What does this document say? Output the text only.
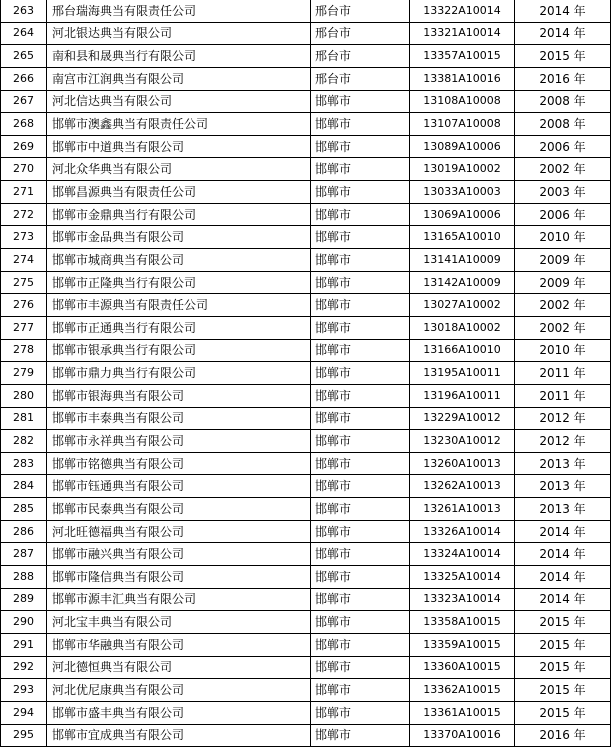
263	邢台瑞海典当有限责任公司	邢台市	13322A10014	2014 年
264	河北银达典当有限公司	邢台市	13321A10014	2014 年
265	南和县和晟典当行有限公司	邢台市	13357A10015	2015 年
266	南宫市江润典当有限公司	邢台市	13381A10016	2016 年
267	河北信达典当有限公司	邯郸市	13108A10008	2008 年
268	邯郸市澳鑫典当有限责任公司	邯郸市	13107A10008	2008 年
269	邯郸市中道典当有限公司	邯郸市	13089A10006	2006 年
270	河北众华典当有限公司	邯郸市	13019A10002	2002 年
271	邯郸昌源典当有限责任公司	邯郸市	13033A10003	2003 年
272	邯郸市金鼎典当行有限公司	邯郸市	13069A10006	2006 年
273	邯郸市金品典当有限公司	邯郸市	13165A10010	2010 年
274	邯郸市城商典当有限公司	邯郸市	13141A10009	2009 年
275	邯郸市正隆典当行有限公司	邯郸市	13142A10009	2009 年
276	邯郸市丰源典当有限责任公司	邯郸市	13027A10002	2002 年
277	邯郸市正通典当行有限公司	邯郸市	13018A10002	2002 年
278	邯郸市银承典当行有限公司	邯郸市	13166A10010	2010 年
279	邯郸市鼎力典当行有限公司	邯郸市	13195A10011	2011 年
280	邯郸市银海典当有限公司	邯郸市	13196A10011	2011 年
281	邯郸市丰泰典当有限公司	邯郸市	13229A10012	2012 年
282	邯郸市永祥典当有限公司	邯郸市	13230A10012	2012 年
283	邯郸市铭德典当有限公司	邯郸市	13260A10013	2013 年
284	邯郸市钰通典当有限公司	邯郸市	13262A10013	2013 年
285	邯郸市民泰典当有限公司	邯郸市	13261A10013	2013 年
286	河北旺德福典当有限公司	邯郸市	13326A10014	2014 年
287	邯郸市融兴典当有限公司	邯郸市	13324A10014	2014 年
288	邯郸市隆信典当有限公司	邯郸市	13325A10014	2014 年
289	邯郸市源丰汇典当有限公司	邯郸市	13323A10014	2014 年
290	河北宝丰典当有限公司	邯郸市	13358A10015	2015 年
291	邯郸市华融典当有限公司	邯郸市	13359A10015	2015 年
292	河北德恒典当有限公司	邯郸市	13360A10015	2015 年
293	河北优尼康典当有限公司	邯郸市	13362A10015	2015 年
294	邯郸市盛丰典当有限公司	邯郸市	13361A10015	2015 年
295	邯郸市宜成典当有限公司	邯郸市	13370A10016	2016 年
